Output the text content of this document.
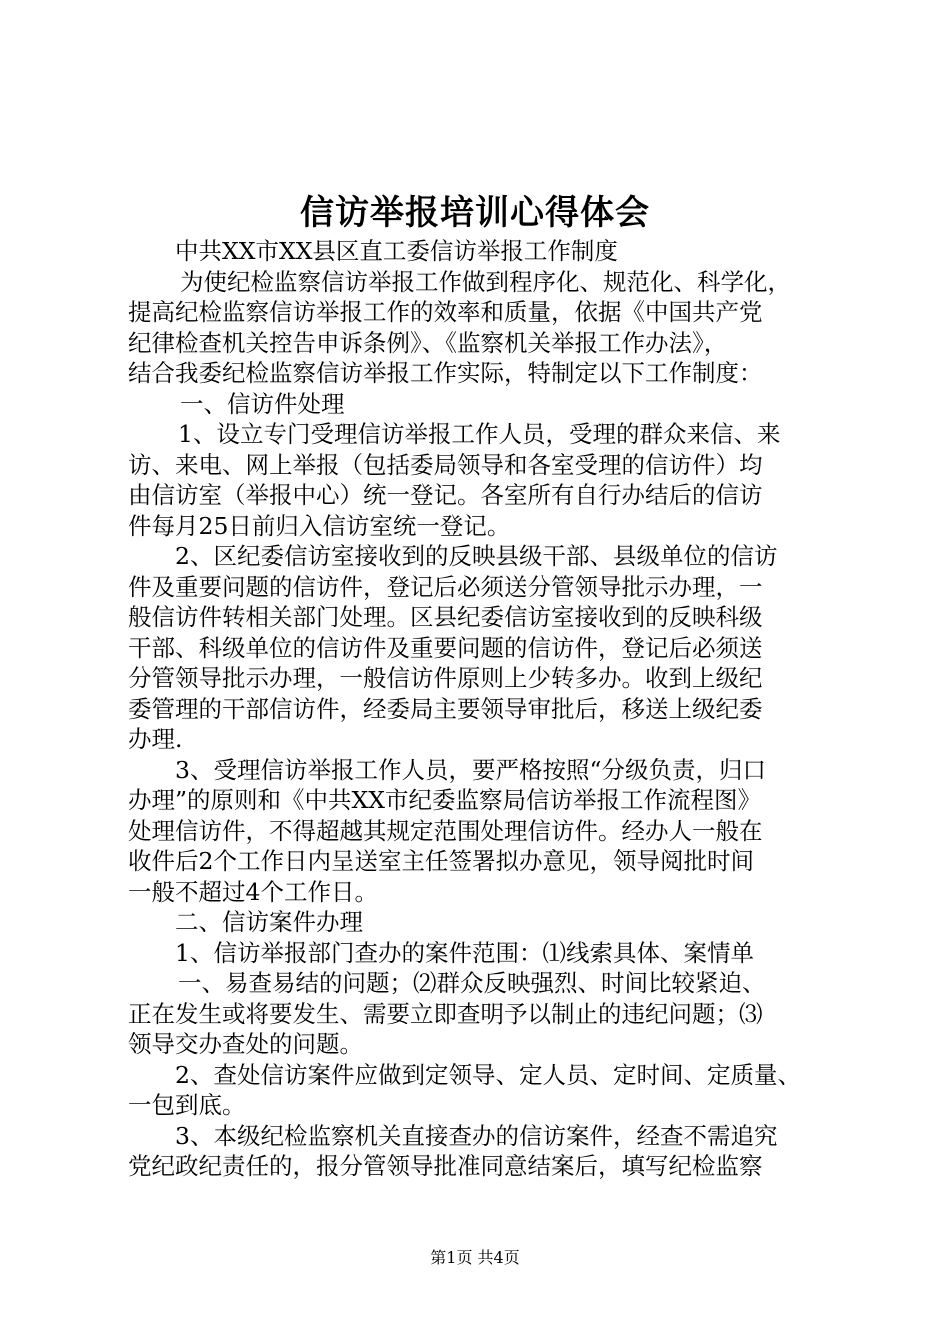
信访举报培训心得体会
中共XX市XX县区直工委信访举报工作制度
为使纪检监察信访举报工作做到程序化、规范化、科学化，
提高纪检监察信访举报工作的效率和质量，依据《中国共产党
纪律检查机关控告申诉条例》、《监察机关举报工作办法》，
结合我委纪检监察信访举报工作实际，特制定以下工作制度：
一、信访件处理
1、设立专门受理信访举报工作人员，受理的群众来信、来
访、来电、网上举报（包括委局领导和各室受理的信访件）均
由信访室（举报中心）统一登记。各室所有自行办结后的信访
件每月25日前归入信访室统一登记。
2、区纪委信访室接收到的反映县级干部、县级单位的信访
件及重要问题的信访件，登记后必须送分管领导批示办理，一
般信访件转相关部门处理。区县纪委信访室接收到的反映科级
干部、科级单位的信访件及重要问题的信访件，登记后必须送
分管领导批示办理，一般信访件原则上少转多办。收到上级纪
委管理的干部信访件，经委局主要领导审批后，移送上级纪委
办理.
3、受理信访举报工作人员，要严格按照“分级负责，归口
办理”的原则和《中共XX市纪委监察局信访举报工作流程图》
处理信访件，不得超越其规定范围处理信访件。经办人一般在
收件后2个工作日内呈送室主任签署拟办意见，领导阅批时间
一般不超过4个工作日。
二、信访案件办理
1、信访举报部门查办的案件范围：⑴线索具体、案情单
一、易查易结的问题；⑵群众反映强烈、时间比较紧迫、
正在发生或将要发生、需要立即查明予以制止的违纪问题；⑶
领导交办查处的问题。
2、查处信访案件应做到定领导、定人员、定时间、定质量、
一包到底。
3、本级纪检监察机关直接查办的信访案件，经查不需追究
党纪政纪责任的，报分管领导批准同意结案后，填写纪检监察
第1页 共4页
